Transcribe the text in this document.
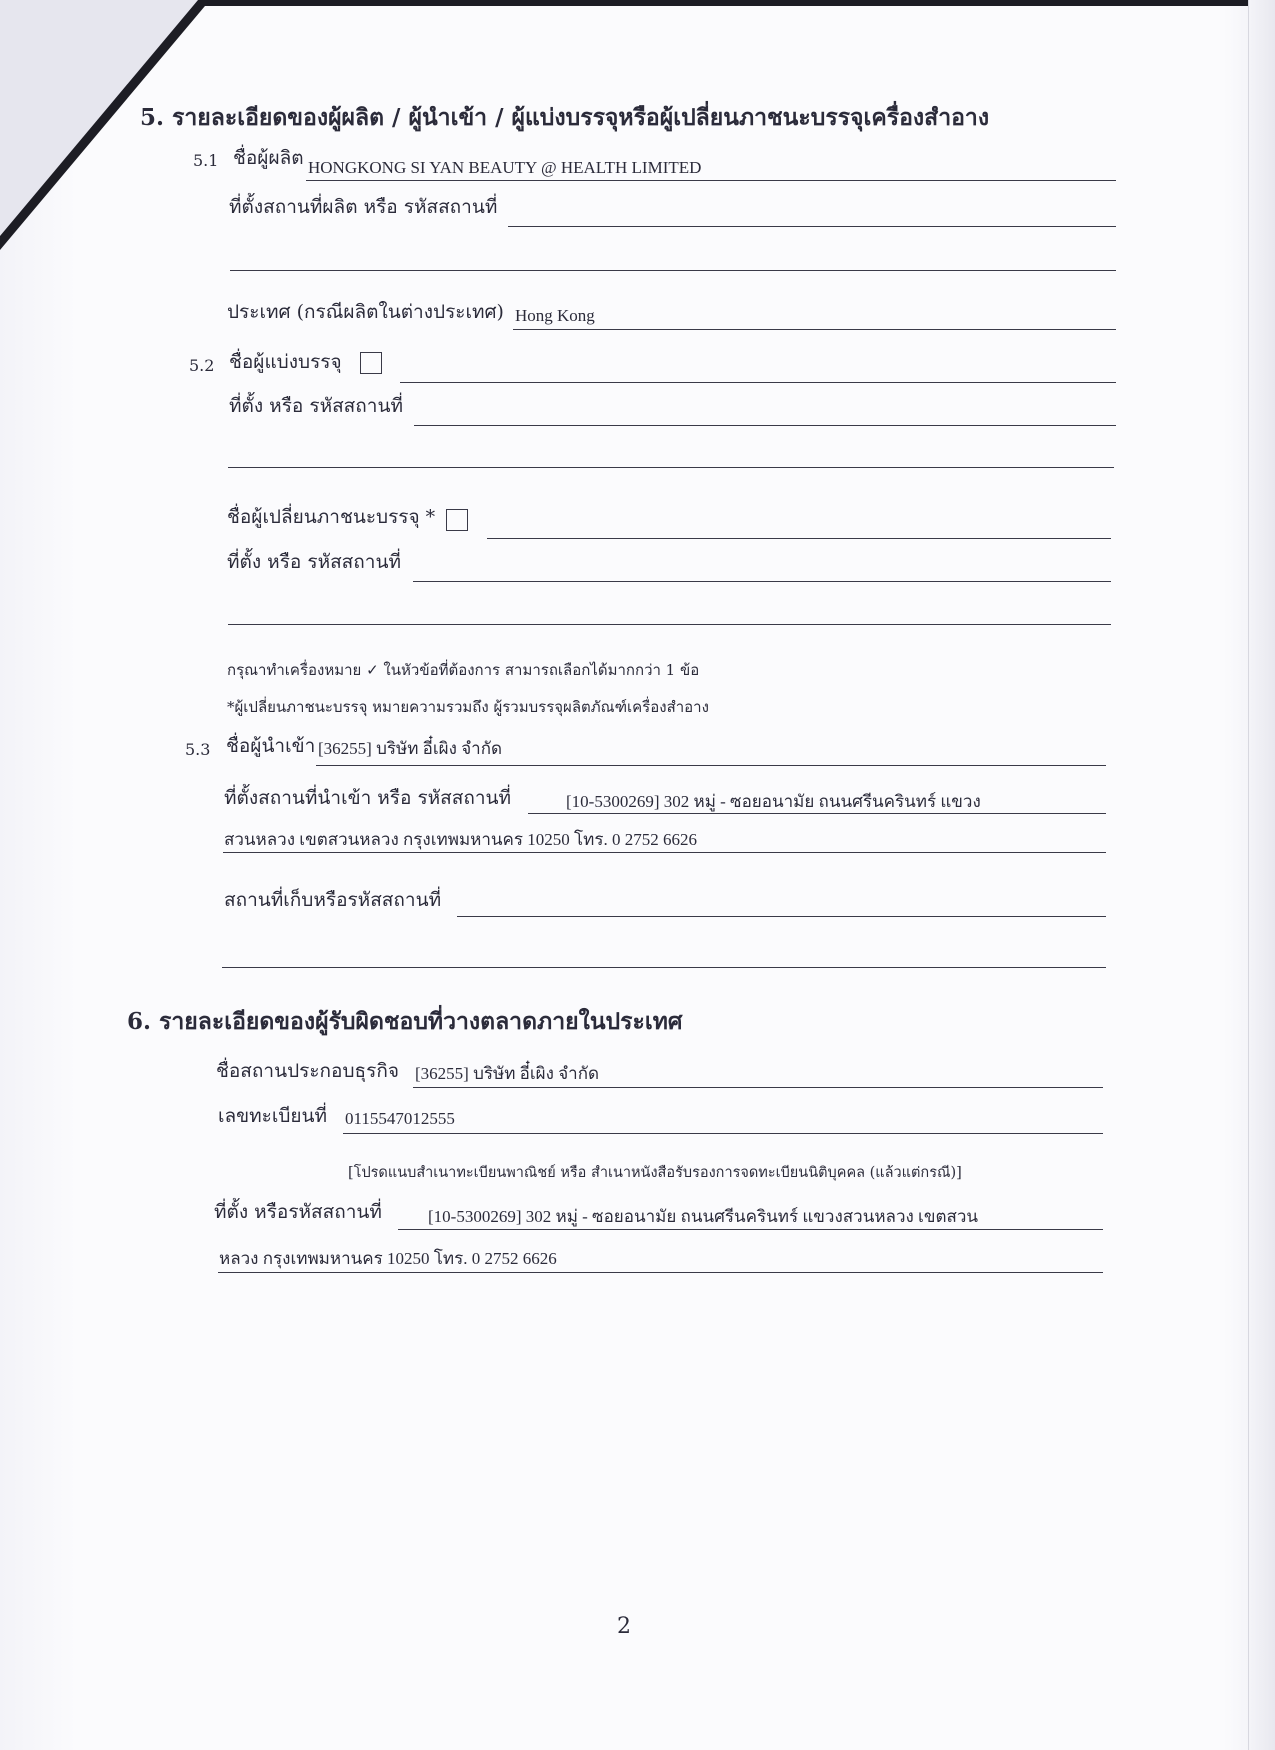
5. รายละเอียดของผู้ผลิต / ผู้นำเข้า / ผู้แบ่งบรรจุหรือผู้เปลี่ยนภาชนะบรรจุเครื่องสำอาง
5.1 ชื่อผู้ผลิต HONGKONG SI YAN BEAUTY @ HEALTH LIMITED
ที่ตั้งสถานที่ผลิต หรือ รหัสสถานที่
ประเทศ (กรณีผลิตในต่างประเทศ) Hong Kong
5.2 ชื่อผู้แบ่งบรรจุ
ที่ตั้ง หรือ รหัสสถานที่
ชื่อผู้เปลี่ยนภาชนะบรรจุ *
ที่ตั้ง หรือ รหัสสถานที่
กรุณาทำเครื่องหมาย ✓ ในหัวข้อที่ต้องการ สามารถเลือกได้มากกว่า 1 ข้อ
*ผู้เปลี่ยนภาชนะบรรจุ หมายความรวมถึง ผู้รวมบรรจุผลิตภัณฑ์เครื่องสำอาง
5.3 ชื่อผู้นำเข้า [36255] บริษัท อี๋เผิง จำกัด
ที่ตั้งสถานที่นำเข้า หรือ รหัสสถานที่	[10-5300269] 302 หมู่ - ซอยอนามัย ถนนศรีนครินทร์ แขวง
สวนหลวง เขตสวนหลวง กรุงเทพมหานคร 10250 โทร. 0 2752 6626
สถานที่เก็บหรือรหัสสถานที่
6. รายละเอียดของผู้รับผิดชอบที่วางตลาดภายในประเทศ
ชื่อสถานประกอบธุรกิจ [36255] บริษัท อี๋เผิง จำกัด
เลขทะเบียนที่ 0115547012555
[โปรดแนบสำเนาทะเบียนพาณิชย์ หรือ สำเนาหนังสือรับรองการจดทะเบียนนิติบุคคล (แล้วแต่กรณี)]
ที่ตั้ง หรือรหัสสถานที่	[10-5300269] 302 หมู่ - ซอยอนามัย ถนนศรีนครินทร์ แขวงสวนหลวง เขตสวน
หลวง กรุงเทพมหานคร 10250 โทร. 0 2752 6626
2
